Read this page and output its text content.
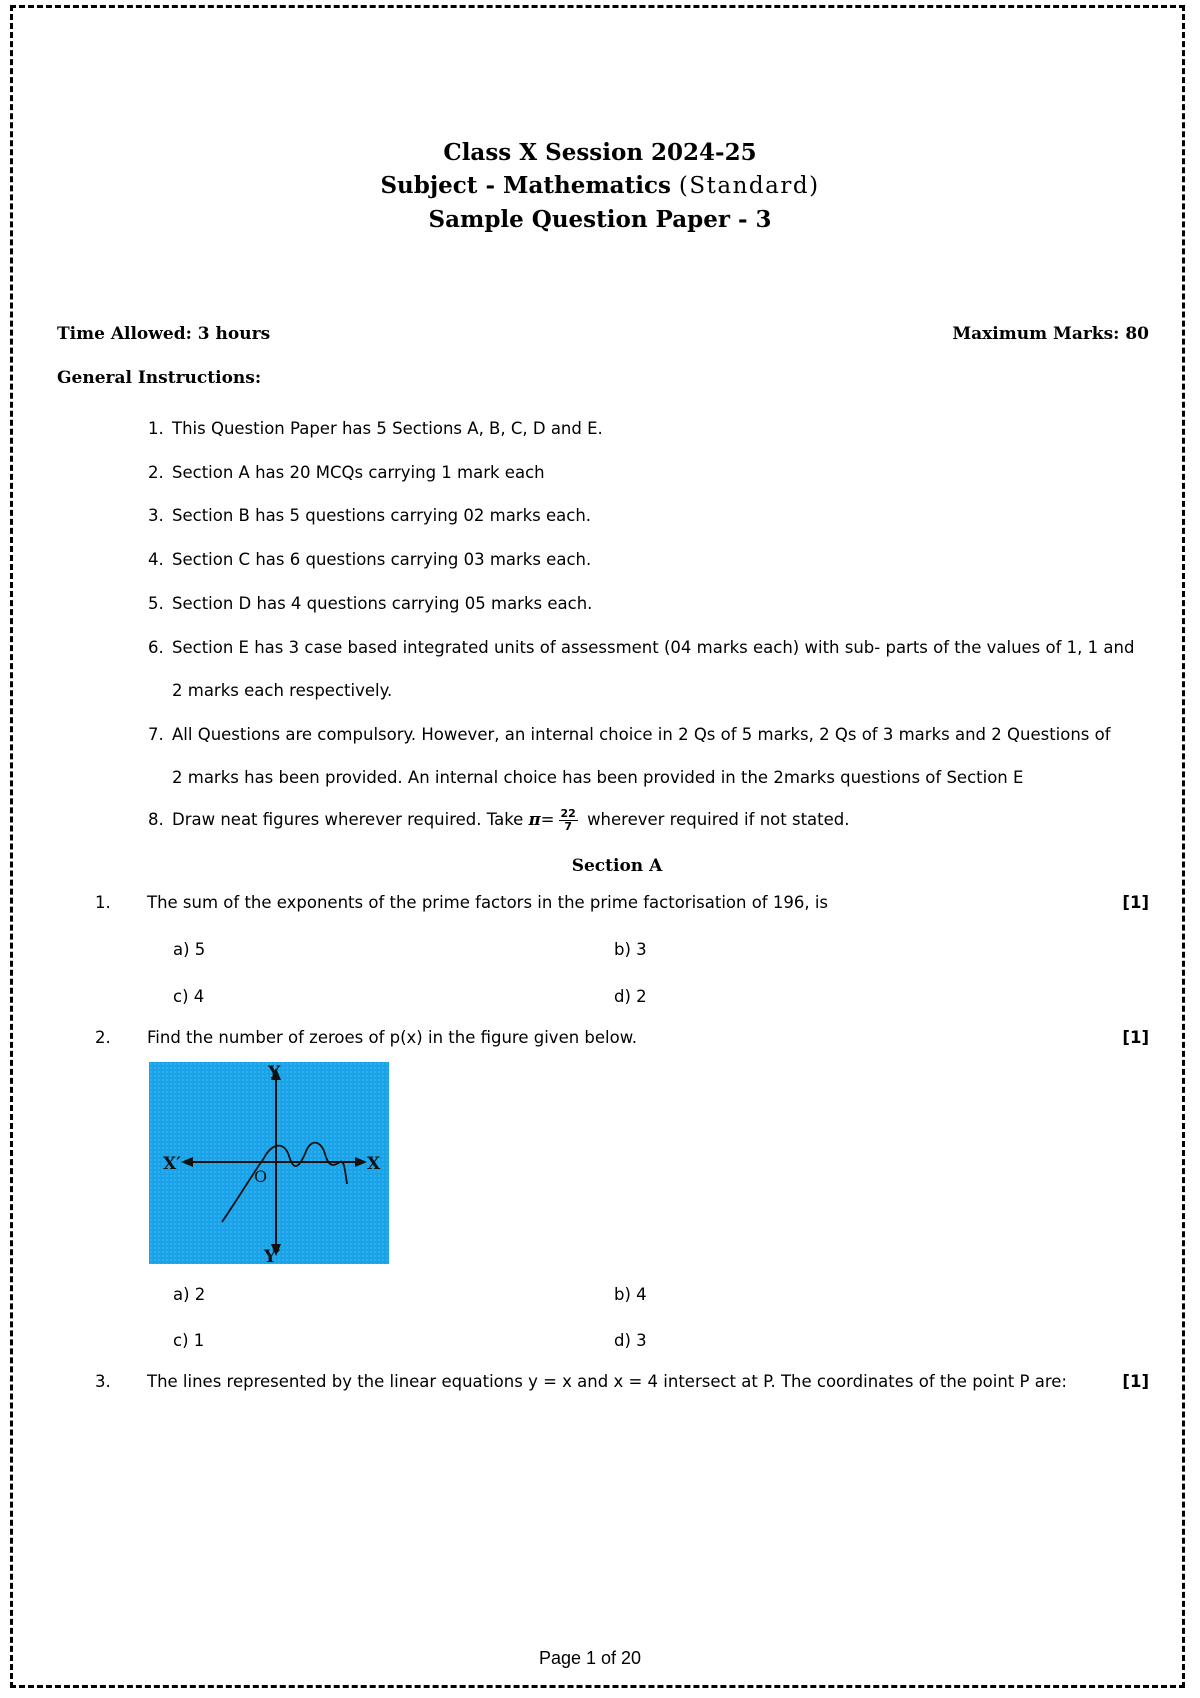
Class X Session 2024-25
Subject - Mathematics (Standard)
Sample Question Paper - 3
Time Allowed: 3 hours	Maximum Marks: 80
General Instructions:
1. This Question Paper has 5 Sections A, B, C, D and E.
2. Section A has 20 MCQs carrying 1 mark each
3. Section B has 5 questions carrying 02 marks each.
4. Section C has 6 questions carrying 03 marks each.
5. Section D has 4 questions carrying 05 marks each.
6. Section E has 3 case based integrated units of assessment (04 marks each) with sub- parts of the values of 1, 1 and
2 marks each respectively.
7. All Questions are compulsory. However, an internal choice in 2 Qs of 5 marks, 2 Qs of 3 marks and 2 Questions of
2 marks has been provided. An internal choice has been provided in the 2marks questions of Section E
8. Draw neat figures wherever required. Take $\pi= \frac{22}{7}$ wherever required if not stated.
Section A
1. The sum of the exponents of the prime factors in the prime factorisation of 196, is	[1]
a) 5	b) 3
c) 4	d) 2
2. Find the number of zeroes of p(x) in the figure given below.	[1]
Y
Y′
X
X′
O
a) 2	b) 4
c) 1	d) 3
3. The lines represented by the linear equations y = x and x = 4 intersect at P. The coordinates of the point P are:	[1]
Page 1 of 20
